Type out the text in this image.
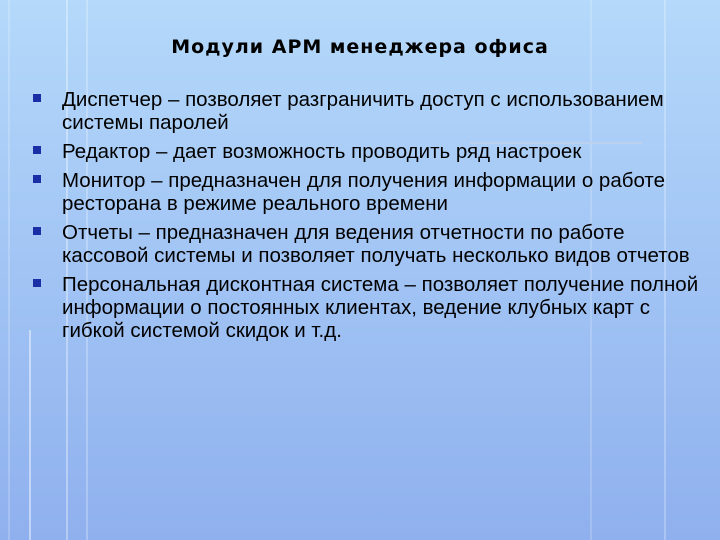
Модули АРМ менеджера офиса
Диспетчер – позволяет разграничить доступ с использованием системы паролей
Редактор – дает возможность проводить ряд настроек
Монитор – предназначен для получения информации о работе ресторана в режиме реального времени
Отчеты – предназначен для ведения отчетности по работе кассовой системы и позволяет получать несколько видов отчетов
Персональная дисконтная система – позволяет получение полной информации о постоянных клиентах, ведение клубных карт с гибкой системой скидок и т.д.
